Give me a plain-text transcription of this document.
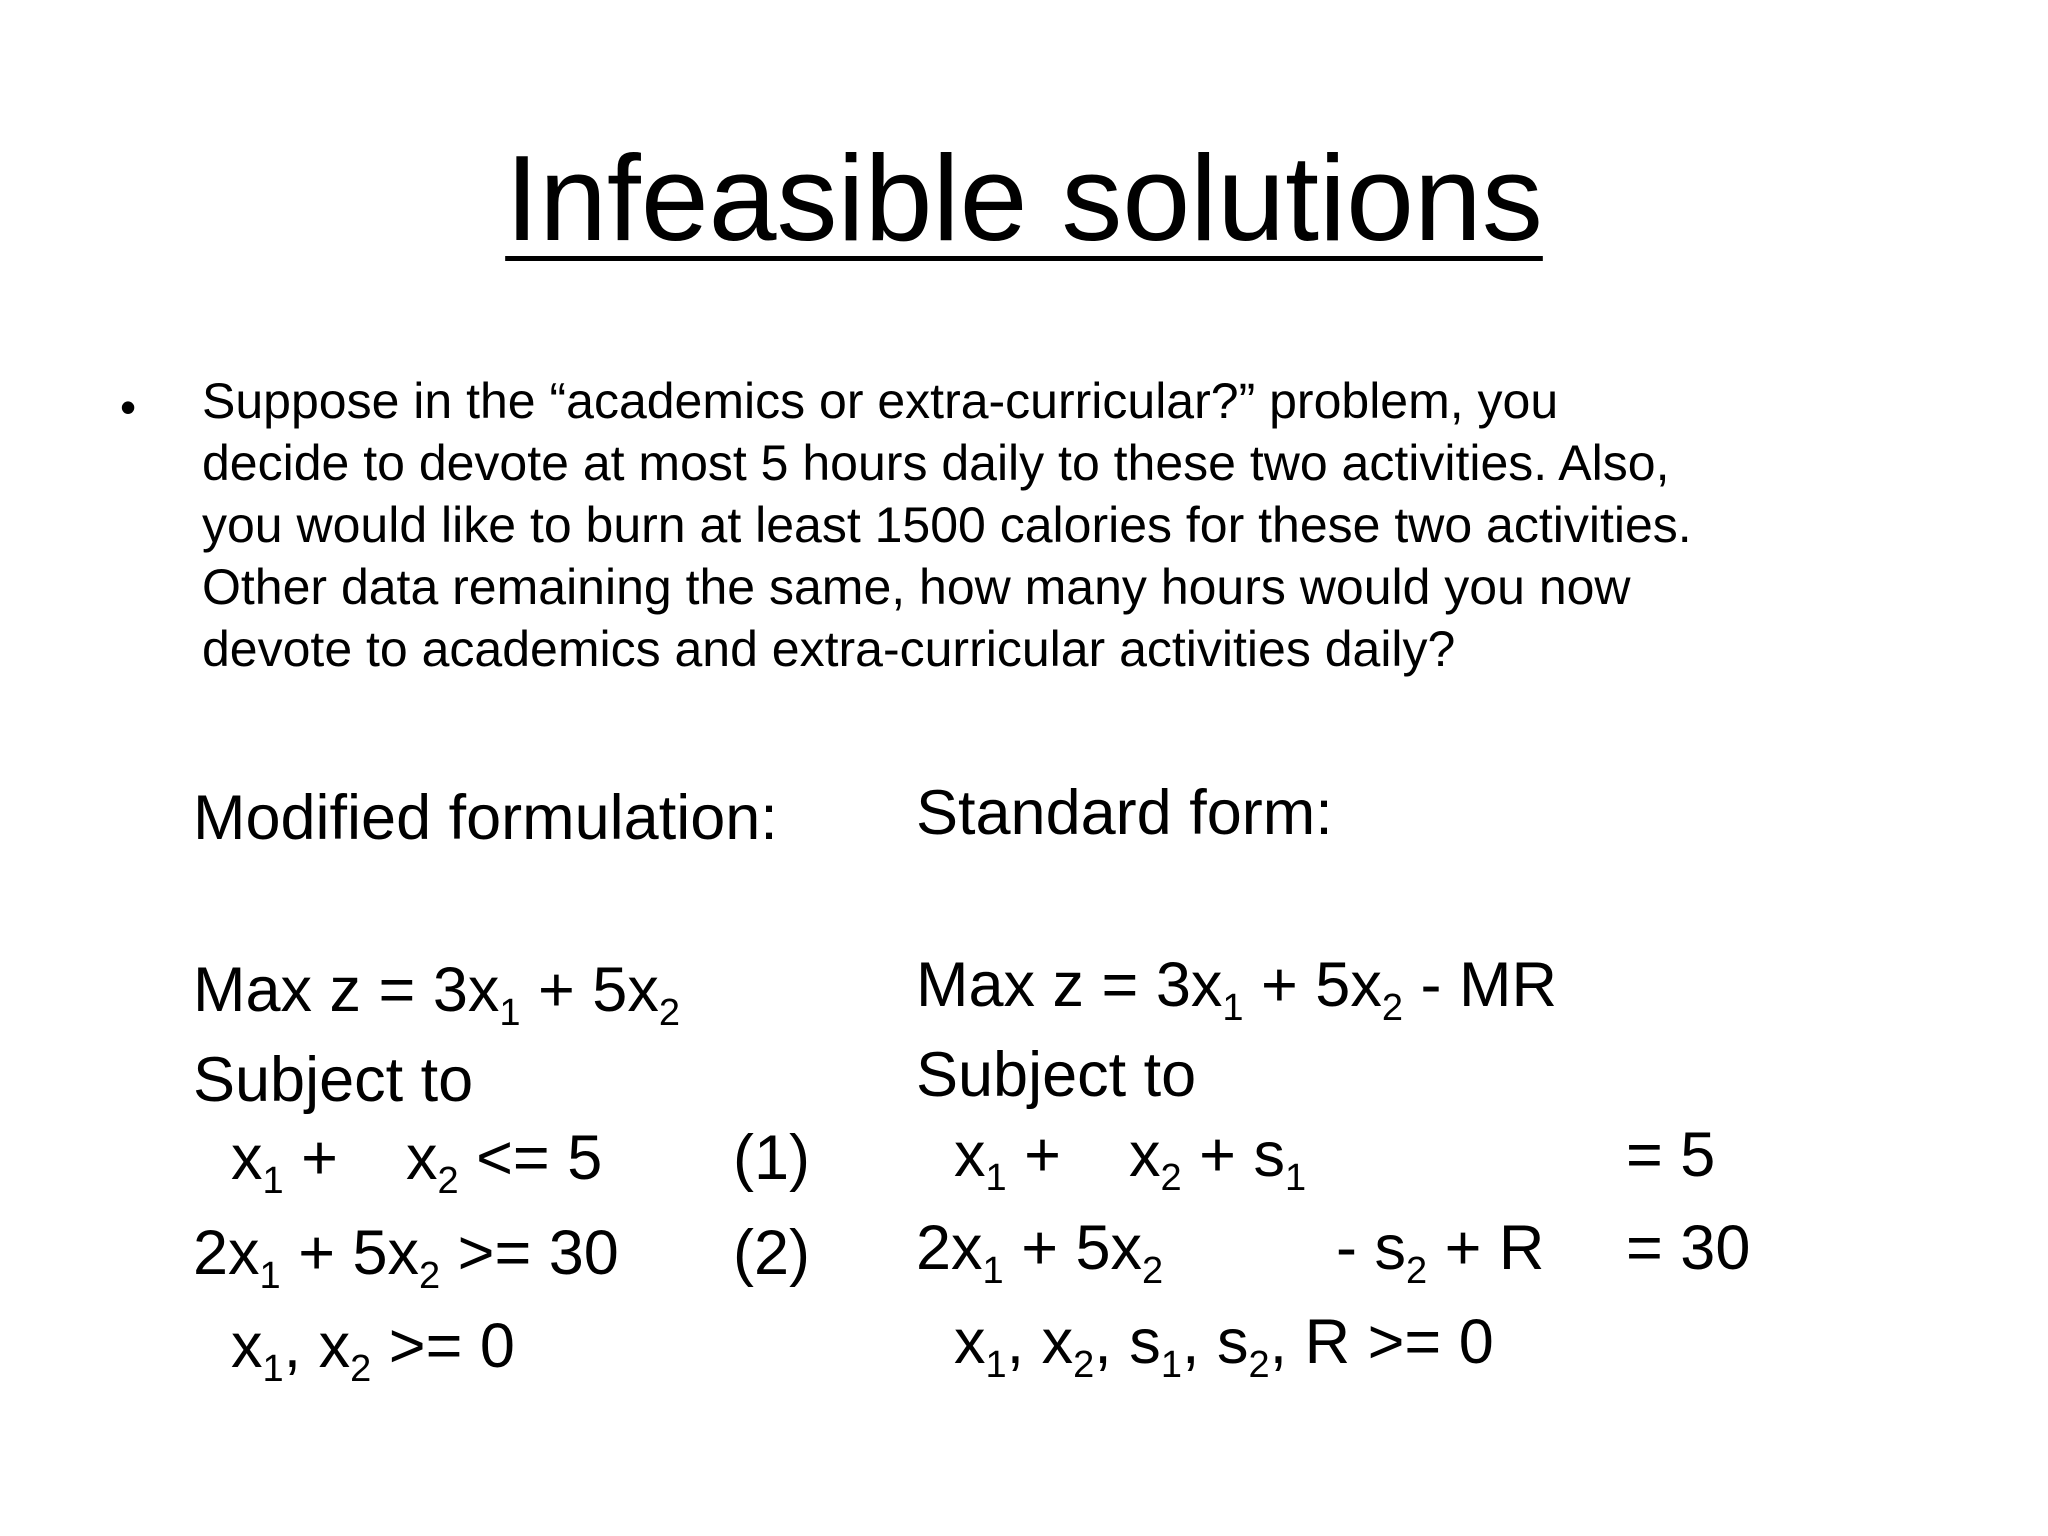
Infeasible solutions
• Suppose in the “academics or extra-curricular?” problem, you
decide to devote at most 5 hours daily to these two activities. Also,
you would like to burn at least 1500 calories for these two activities.
Other data remaining the same, how many hours would you now
devote to academics and extra-curricular activities daily?
Modified formulation:
Max $z = 3x_1 + 5x_2$
Subject to
$x_1 + x_2 <= 5$ (1)
$2x_1 + 5x_2 >= 30$ (2)
$x_1$, $x_2 >= 0$
Standard form:
Max $z = 3x_1 + 5x_2$ - MR
Subject to
$x_1 + x_2 + s_1$	= 5
$2x_1 + 5x_2$	- $s_2 + R = 30$
$x_1$, $x_2$, $s_1$, $s_2$, R >= 0
